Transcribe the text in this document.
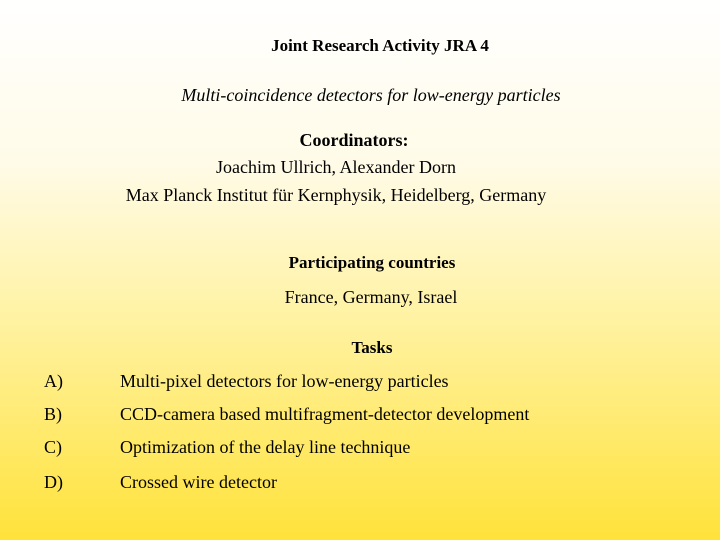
Joint Research Activity JRA 4
Multi-coincidence detectors for low-energy particles
Coordinators:
Joachim Ullrich, Alexander Dorn
Max Planck Institut für Kernphysik, Heidelberg, Germany
Participating countries
France, Germany, Israel
Tasks
A)	Multi-pixel detectors for low-energy particles
B)	CCD-camera based multifragment-detector development
C)	Optimization of the delay line technique
D)	Crossed wire detector
